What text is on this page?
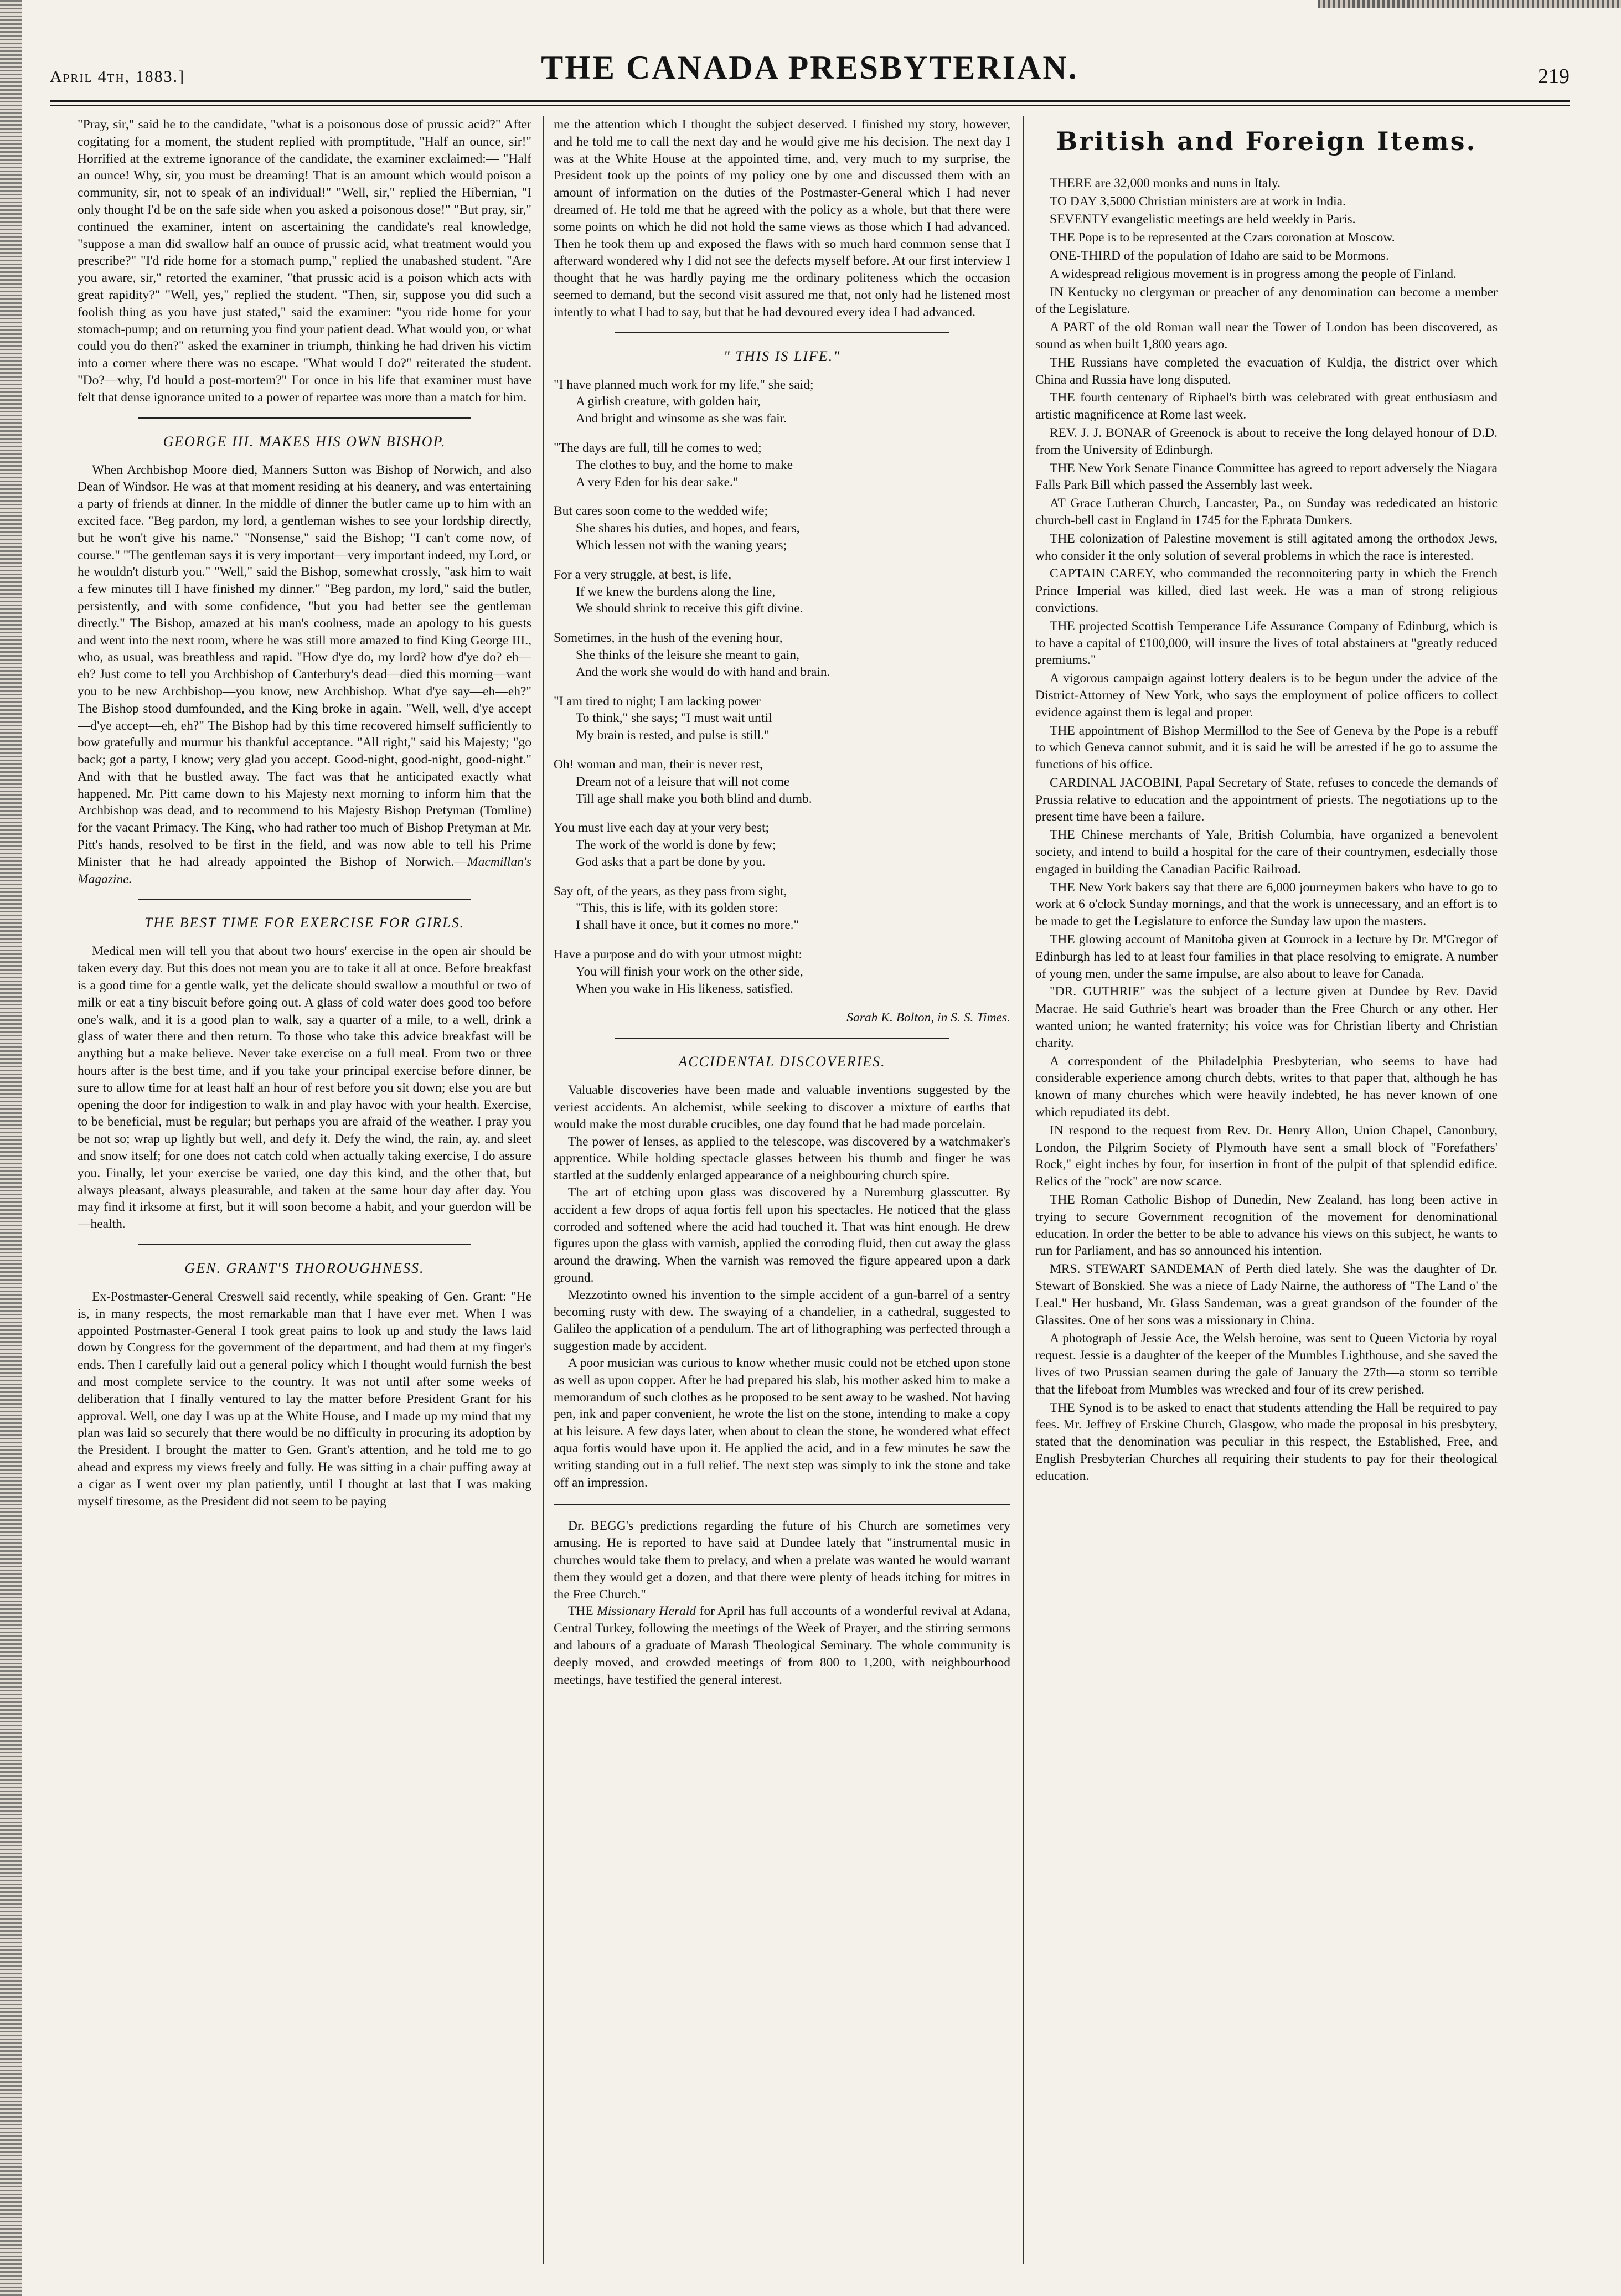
April 4th, 1883.]	THE CANADA PRESBYTERIAN.	219

"Pray, sir," said he to the candidate, "what is a poisonous dose of prussic acid?" After cogitating for a moment, the student replied with promptitude, "Half an ounce, sir!" Horrified at the extreme ignorance of the candidate, the examiner exclaimed:— "Half an ounce! Why, sir, you must be dreaming! That is an amount which would poison a community, sir, not to speak of an individual!" "Well, sir," replied the Hibernian, "I only thought I'd be on the safe side when you asked a poisonous dose!" "But pray, sir," continued the examiner, intent on ascertaining the candidate's real knowledge, "suppose a man did swallow half an ounce of prussic acid, what treatment would you prescribe?" "I'd ride home for a stomach pump," replied the unabashed student. "Are you aware, sir," retorted the examiner, "that prussic acid is a poison which acts with great rapidity?" "Well, yes," replied the student. "Then, sir, suppose you did such a foolish thing as you have just stated," said the examiner: "you ride home for your stomach-pump; and on returning you find your patient dead. What would you, or what could you do then?" asked the examiner in triumph, thinking he had driven his victim into a corner where there was no escape. "What would I do?" reiterated the student. "Do?—why, I'd hould a post-mortem?" For once in his life that examiner must have felt that dense ignorance united to a power of repartee was more than a match for him.

GEORGE III. MAKES HIS OWN BISHOP.

When Archbishop Moore died, Manners Sutton was Bishop of Norwich, and also Dean of Windsor. He was at that moment residing at his deanery, and was entertaining a party of friends at dinner. In the middle of dinner the butler came up to him with an excited face. "Beg pardon, my lord, a gentleman wishes to see your lordship directly, but he won't give his name." "Nonsense," said the Bishop; "I can't come now, of course." "The gentleman says it is very important—very important indeed, my Lord, or he wouldn't disturb you." "Well," said the Bishop, somewhat crossly, "ask him to wait a few minutes till I have finished my dinner." "Beg pardon, my lord," said the butler, persistently, and with some confidence, "but you had better see the gentleman directly." The Bishop, amazed at his man's coolness, made an apology to his guests and went into the next room, where he was still more amazed to find King George III., who, as usual, was breathless and rapid. "How d'ye do, my lord? how d'ye do? eh—eh? Just come to tell you Archbishop of Canterbury's dead—died this morning—want you to be new Archbishop—you know, new Archbishop. What d'ye say—eh—eh?" The Bishop stood dumfounded, and the King broke in again. "Well, well, d'ye accept—d'ye accept—eh, eh?" The Bishop had by this time recovered himself sufficiently to bow gratefully and murmur his thankful acceptance. "All right," said his Majesty; "go back; got a party, I know; very glad you accept. Good-night, good-night, good-night." And with that he bustled away. The fact was that he anticipated exactly what happened. Mr. Pitt came down to his Majesty next morning to inform him that the Archbishop was dead, and to recommend to his Majesty Bishop Pretyman (Tomline) for the vacant Primacy. The King, who had rather too much of Bishop Pretyman at Mr. Pitt's hands, resolved to be first in the field, and was now able to tell his Prime Minister that he had already appointed the Bishop of Norwich.—Macmillan's Magazine.

THE BEST TIME FOR EXERCISE FOR GIRLS.

Medical men will tell you that about two hours' exercise in the open air should be taken every day. But this does not mean you are to take it all at once. Before breakfast is a good time for a gentle walk, yet the delicate should swallow a mouthful or two of milk or eat a tiny biscuit before going out. A glass of cold water does good too before one's walk, and it is a good plan to walk, say a quarter of a mile, to a well, drink a glass of water there and then return. To those who take this advice breakfast will be anything but a make believe. Never take exercise on a full meal. From two or three hours after is the best time, and if you take your principal exercise before dinner, be sure to allow time for at least half an hour of rest before you sit down; else you are but opening the door for indigestion to walk in and play havoc with your health. Exercise, to be beneficial, must be regular; but perhaps you are afraid of the weather. I pray you be not so; wrap up lightly but well, and defy it. Defy the wind, the rain, ay, and sleet and snow itself; for one does not catch cold when actually taking exercise, I do assure you. Finally, let your exercise be varied, one day this kind, and the other that, but always pleasant, always pleasurable, and taken at the same hour day after day. You may find it irksome at first, but it will soon become a habit, and your guerdon will be—health.

GEN. GRANT'S THOROUGHNESS.

Ex-Postmaster-General Creswell said recently, while speaking of Gen. Grant: "He is, in many respects, the most remarkable man that I have ever met. When I was appointed Postmaster-General I took great pains to look up and study the laws laid down by Congress for the government of the department, and had them at my finger's ends. Then I carefully laid out a general policy which I thought would furnish the best and most complete service to the country. It was not until after some weeks of deliberation that I finally ventured to lay the matter before President Grant for his approval. Well, one day I was up at the White House, and I made up my mind that my plan was laid so securely that there would be no difficulty in procuring its adoption by the President. I brought the matter to Gen. Grant's attention, and he told me to go ahead and express my views freely and fully. He was sitting in a chair puffing away at a cigar as I went over my plan patiently, until I thought at last that I was making myself tiresome, as the President did not seem to be paying

me the attention which I thought the subject deserved. I finished my story, however, and he told me to call the next day and he would give me his decision. The next day I was at the White House at the appointed time, and, very much to my surprise, the President took up the points of my policy one by one and discussed them with an amount of information on the duties of the Postmaster-General which I had never dreamed of. He told me that he agreed with the policy as a whole, but that there were some points on which he did not hold the same views as those which I had advanced. Then he took them up and exposed the flaws with so much hard common sense that I afterward wondered why I did not see the defects myself before. At our first interview I thought that he was hardly paying me the ordinary politeness which the occasion seemed to demand, but the second visit assured me that, not only had he listened most intently to what I had to say, but that he had devoured every idea I had advanced.

" THIS IS LIFE."
"I have planned much work for my life," she said;
A girlish creature, with golden hair,
And bright and winsome as she was fair.
"The days are full, till he comes to wed;
The clothes to buy, and the home to make
A very Eden for his dear sake."
But cares soon come to the wedded wife;
She shares his duties, and hopes, and fears,
Which lessen not with the waning years;
For a very struggle, at best, is life,
If we knew the burdens along the line,
We should shrink to receive this gift divine.
Sometimes, in the hush of the evening hour,
She thinks of the leisure she meant to gain,
And the work she would do with hand and brain.
"I am tired to night; I am lacking power
To think," she says; "I must wait until
My brain is rested, and pulse is still."
Oh! woman and man, their is never rest,
Dream not of a leisure that will not come
Till age shall make you both blind and dumb.
You must live each day at your very best;
The work of the world is done by few;
God asks that a part be done by you.
Say oft, of the years, as they pass from sight,
"This, this is life, with its golden store:
I shall have it once, but it comes no more."
Have a purpose and do with your utmost might:
You will finish your work on the other side,
When you wake in His likeness, satisfied.

Sarah K. Bolton, in S. S. Times.

ACCIDENTAL DISCOVERIES.

Valuable discoveries have been made and valuable inventions suggested by the veriest accidents. An alchemist, while seeking to discover a mixture of earths that would make the most durable crucibles, one day found that he had made porcelain.

The power of lenses, as applied to the telescope, was discovered by a watchmaker's apprentice. While holding spectacle glasses between his thumb and finger he was startled at the suddenly enlarged appearance of a neighbouring church spire.

The art of etching upon glass was discovered by a Nuremburg glasscutter. By accident a few drops of aqua fortis fell upon his spectacles. He noticed that the glass corroded and softened where the acid had touched it. That was hint enough. He drew figures upon the glass with varnish, applied the corroding fluid, then cut away the glass around the drawing. When the varnish was removed the figure appeared upon a dark ground.

Mezzotinto owned his invention to the simple accident of a gun-barrel of a sentry becoming rusty with dew. The swaying of a chandelier, in a cathedral, suggested to Galileo the application of a pendulum. The art of lithographing was perfected through a suggestion made by accident.

A poor musician was curious to know whether music could not be etched upon stone as well as upon copper. After he had prepared his slab, his mother asked him to make a memorandum of such clothes as he proposed to be sent away to be washed. Not having pen, ink and paper convenient, he wrote the list on the stone, intending to make a copy at his leisure. A few days later, when about to clean the stone, he wondered what effect aqua fortis would have upon it. He applied the acid, and in a few minutes he saw the writing standing out in a full relief. The next step was simply to ink the stone and take off an impression.

Dr. BEGG's predictions regarding the future of his Church are sometimes very amusing. He is reported to have said at Dundee lately that "instrumental music in churches would take them to prelacy, and when a prelate was wanted he would warrant them they would get a dozen, and that there were plenty of heads itching for mitres in the Free Church."

THE Missionary Herald for April has full accounts of a wonderful revival at Adana, Central Turkey, following the meetings of the Week of Prayer, and the stirring sermons and labours of a graduate of Marash Theological Seminary. The whole community is deeply moved, and crowded meetings of from 800 to 1,200, with neighbourhood meetings, have testified the general interest.

British and Foreign Items.

THERE are 32,000 monks and nuns in Italy.

TO DAY 3,5000 Christian ministers are at work in India.

SEVENTY evangelistic meetings are held weekly in Paris.

THE Pope is to be represented at the Czars coronation at Moscow.

ONE-THIRD of the population of Idaho are said to be Mormons.

A widespread religious movement is in progress among the people of Finland.

IN Kentucky no clergyman or preacher of any denomination can become a member of the Legislature.

A PART of the old Roman wall near the Tower of London has been discovered, as sound as when built 1,800 years ago.

THE Russians have completed the evacuation of Kuldja, the district over which China and Russia have long disputed.

THE fourth centenary of Riphael's birth was celebrated with great enthusiasm and artistic magnificence at Rome last week.

REV. J. J. BONAR of Greenock is about to receive the long delayed honour of D.D. from the University of Edinburgh.

THE New York Senate Finance Committee has agreed to report adversely the Niagara Falls Park Bill which passed the Assembly last week.

AT Grace Lutheran Church, Lancaster, Pa., on Sunday was rededicated an historic church-bell cast in England in 1745 for the Ephrata Dunkers.

THE colonization of Palestine movement is still agitated among the orthodox Jews, who consider it the only solution of several problems in which the race is interested.

CAPTAIN CAREY, who commanded the reconnoitering party in which the French Prince Imperial was killed, died last week. He was a man of strong religious convictions.

THE projected Scottish Temperance Life Assurance Company of Edinburg, which is to have a capital of £100,000, will insure the lives of total abstainers at "greatly reduced premiums."

A vigorous campaign against lottery dealers is to be begun under the advice of the District-Attorney of New York, who says the employment of police officers to collect evidence against them is legal and proper.

THE appointment of Bishop Mermillod to the See of Geneva by the Pope is a rebuff to which Geneva cannot submit, and it is said he will be arrested if he go to assume the functions of his office.

CARDINAL JACOBINI, Papal Secretary of State, refuses to concede the demands of Prussia relative to education and the appointment of priests. The negotiations up to the present time have been a failure.

THE Chinese merchants of Yale, British Columbia, have organized a benevolent society, and intend to build a hospital for the care of their countrymen, esdecially those engaged in building the Canadian Pacific Railroad.

THE New York bakers say that there are 6,000 journeymen bakers who have to go to work at 6 o'clock Sunday mornings, and that the work is unnecessary, and an effort is to be made to get the Legislature to enforce the Sunday law upon the masters.

THE glowing account of Manitoba given at Gourock in a lecture by Dr. M'Gregor of Edinburgh has led to at least four families in that place resolving to emigrate. A number of young men, under the same impulse, are also about to leave for Canada.

"DR. GUTHRIE" was the subject of a lecture given at Dundee by Rev. David Macrae. He said Guthrie's heart was broader than the Free Church or any other. Her wanted union; he wanted fraternity; his voice was for Christian liberty and Christian charity.

A correspondent of the Philadelphia Presbyterian, who seems to have had considerable experience among church debts, writes to that paper that, although he has known of many churches which were heavily indebted, he has never known of one which repudiated its debt.

IN respond to the request from Rev. Dr. Henry Allon, Union Chapel, Canonbury, London, the Pilgrim Society of Plymouth have sent a small block of "Forefathers' Rock," eight inches by four, for insertion in front of the pulpit of that splendid edifice. Relics of the "rock" are now scarce.

THE Roman Catholic Bishop of Dunedin, New Zealand, has long been active in trying to secure Government recognition of the movement for denominational education. In order the better to be able to advance his views on this subject, he wants to run for Parliament, and has so announced his intention.

MRS. STEWART SANDEMAN of Perth died lately. She was the daughter of Dr. Stewart of Bonskied. She was a niece of Lady Nairne, the authoress of "The Land o' the Leal." Her husband, Mr. Glass Sandeman, was a great grandson of the founder of the Glassites. One of her sons was a missionary in China.

A photograph of Jessie Ace, the Welsh heroine, was sent to Queen Victoria by royal request. Jessie is a daughter of the keeper of the Mumbles Lighthouse, and she saved the lives of two Prussian seamen during the gale of January the 27th—a storm so terrible that the lifeboat from Mumbles was wrecked and four of its crew perished.

THE Synod is to be asked to enact that students attending the Hall be required to pay fees. Mr. Jeffrey of Erskine Church, Glasgow, who made the proposal in his presbytery, stated that the denomination was peculiar in this respect, the Established, Free, and English Presbyterian Churches all requiring their students to pay for their theological education.
